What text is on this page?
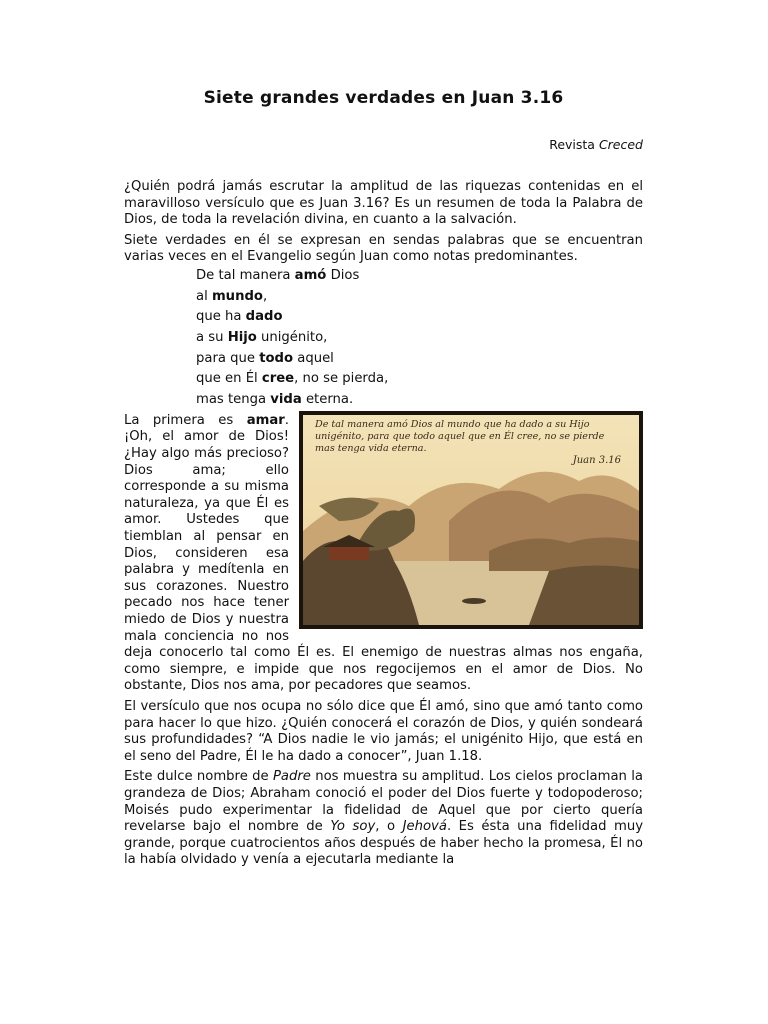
Siete grandes verdades en Juan 3.16
Revista Creced

¿Quién podrá jamás escrutar la amplitud de las riquezas contenidas en el maravilloso versículo que es Juan 3.16? Es un resumen de toda la Palabra de Dios, de toda la revelación divina, en cuanto a la salvación.

Siete verdades en él se expresan en sendas palabras que se encuentran varias veces en el Evangelio según Juan como notas predominantes.

De tal manera amó Dios
al mundo,
que ha dado
a su Hijo unigénito,
para que todo aquel
que en Él cree, no se pierda,
mas tenga vida eterna.
De tal manera amó Dios al mundo que ha dado a su Hijo unigénito, para que todo aquel que en Él cree, no se pierde mas tenga vida eterna.
Juan 3.16

La primera es amar. ¡Oh, el amor de Dios! ¿Hay algo más precioso? Dios ama; ello corresponde a su misma naturaleza, ya que Él es amor. Ustedes que tiemblan al pensar en Dios, consideren esa palabra y medítenla en sus corazones. Nuestro pecado nos hace tener miedo de Dios y nuestra mala conciencia no nos deja conocerlo tal como Él es. El enemigo de nuestras almas nos engaña, como siempre, e impide que nos regocijemos en el amor de Dios. No obstante, Dios nos ama, por pecadores que seamos.

El versículo que nos ocupa no sólo dice que Él amó, sino que amó tanto como para hacer lo que hizo. ¿Quién conocerá el corazón de Dios, y quién sondeará sus profundidades? “A Dios nadie le vio jamás; el unigénito Hijo, que está en el seno del Padre, Él le ha dado a conocer”, Juan 1.18.

Este dulce nombre de Padre nos muestra su amplitud. Los cielos proclaman la grandeza de Dios; Abraham conoció el poder del Dios fuerte y todopoderoso; Moisés pudo experimentar la fidelidad de Aquel que por cierto quería revelarse bajo el nombre de Yo soy, o Jehová. Es ésta una fidelidad muy grande, porque cuatrocientos años después de haber hecho la promesa, Él no la había olvidado y venía a ejecutarla mediante la
